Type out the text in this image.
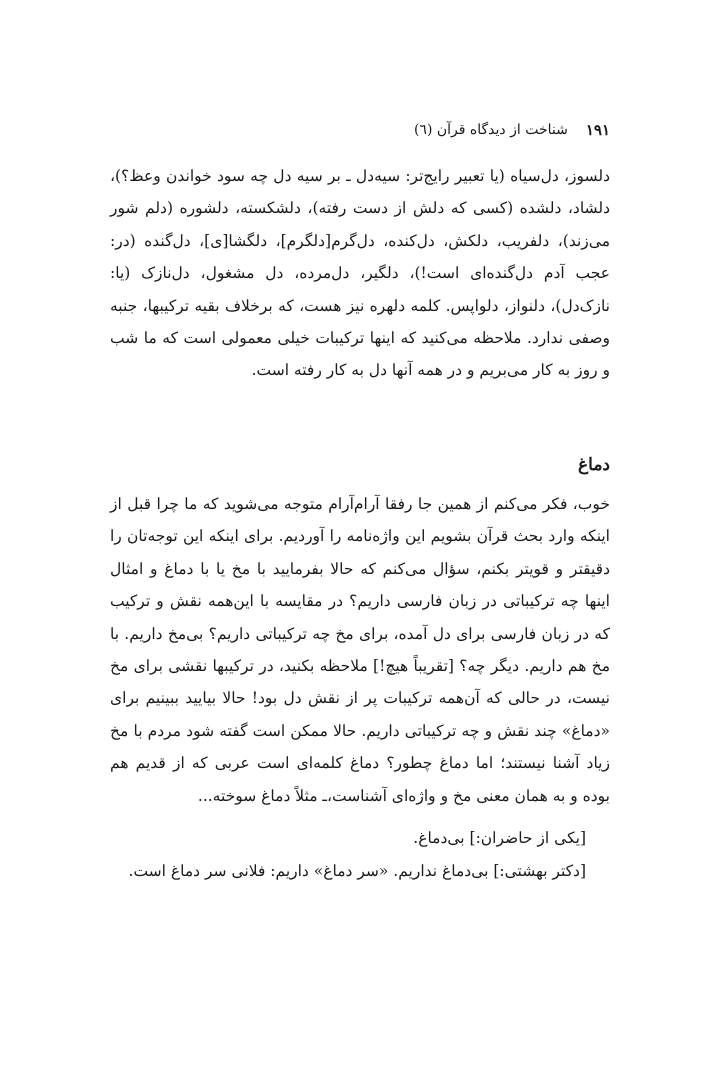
۱۹۱
شناخت از دیدگاه قرآن (٦)

دلسوز، دل‌سیاه (یا تعبیر رایج‌تر: سیه‌دل ـ بر سیه دل چه سود خواندن وعظ؟)، دلشاد، دلشده (کسی که دلش از دست رفته)، دلشکسته، دلشوره (دلم شور می‌زند)، دلفریب، دلکش، دل‌کنده، دل‌گرم[دلگرم]، دلگشا[ی]، دل‌گنده (در: عجب آدم دل‌گنده‌ای است!)، دلگیر، دل‌مرده، دل مشغول، دل‌نازک (یا: نازک‌دل)، دلنواز، دلواپس. کلمه دلهره نیز هست، که برخلاف بقیه ترکیبها، جنبه وصفی ندارد. ملاحظه می‌کنید که اینها ترکیبات خیلی معمولی است که ما شب و روز به کار می‌بریم و در همه آنها دل به کار رفته است.

دماغ

خوب، فکر می‌کنم از همین جا رفقا آرام‌آرام متوجه می‌شوید که ما چرا قبل از اینکه وارد بحث قرآن بشویم این واژه‌نامه را آوردیم. برای اینکه این توجه‌تان را دقیقتر و قویتر بکنم، سؤال می‌کنم که حالا بفرمایید با مخ یا با دماغ و امثال اینها چه ترکیباتی در زبان فارسی داریم؟ در مقایسه با این‌همه نقش و ترکیب که در زبان فارسی برای دل آمده، برای مخ چه ترکیباتی داریم؟ بی‌مخ داریم. با مخ هم داریم. دیگر چه؟ [تقریباً هیچ!] ملاحظه بکنید، در ترکیبها نقشی برای مخ نیست، در حالی که آن‌همه ترکیبات پر از نقش دل بود! حالا بیایید ببینیم برای «دماغ» چند نقش و چه ترکیباتی داریم. حالا ممکن است گفته شود مردم با مخ زیاد آشنا نیستند؛ اما دماغ چطور؟ دماغ کلمه‌ای است عربی که از قدیم هم بوده و به همان معنی مخ و واژه‌ای آشناست،ـ مثلاً دماغ سوخته...

[یکی از حاضران:] بی‌دماغ.

[دکتر بهشتی:] بی‌دماغ نداریم. «سر دماغ» داریم: فلانی سر دماغ است.
